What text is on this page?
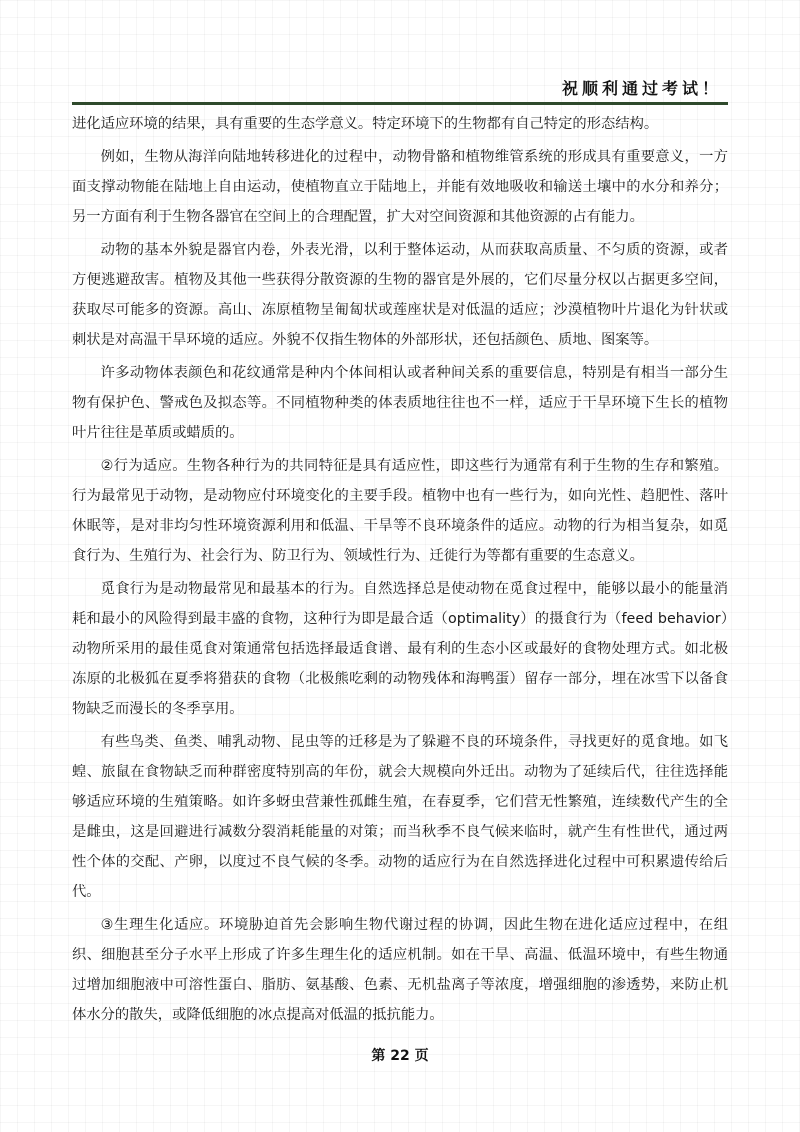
祝顺利通过考试！

进化适应环境的结果，具有重要的生态学意义。特定环境下的生物都有自己特定的形态结构。

例如，生物从海洋向陆地转移进化的过程中，动物骨骼和植物维管系统的形成具有重要意义，一方面支撑动物能在陆地上自由运动，使植物直立于陆地上，并能有效地吸收和输送土壤中的水分和养分；另一方面有利于生物各器官在空间上的合理配置，扩大对空间资源和其他资源的占有能力。

动物的基本外貌是器官内卷，外表光滑，以利于整体运动，从而获取高质量、不匀质的资源，或者方便逃避敌害。植物及其他一些获得分散资源的生物的器官是外展的，它们尽量分权以占据更多空间，获取尽可能多的资源。高山、冻原植物呈匍匐状或莲座状是对低温的适应；沙漠植物叶片退化为针状或刺状是对高温干旱环境的适应。外貌不仅指生物体的外部形状，还包括颜色、质地、图案等。

许多动物体表颜色和花纹通常是种内个体间相认或者种间关系的重要信息，特别是有相当一部分生物有保护色、警戒色及拟态等。不同植物种类的体表质地往往也不一样，适应于干旱环境下生长的植物叶片往往是革质或蜡质的。

②行为适应。生物各种行为的共同特征是具有适应性，即这些行为通常有利于生物的生存和繁殖。行为最常见于动物，是动物应付环境变化的主要手段。植物中也有一些行为，如向光性、趋肥性、落叶休眠等，是对非均匀性环境资源利用和低温、干旱等不良环境条件的适应。动物的行为相当复杂，如觅食行为、生殖行为、社会行为、防卫行为、领域性行为、迁徙行为等都有重要的生态意义。

觅食行为是动物最常见和最基本的行为。自然选择总是使动物在觅食过程中，能够以最小的能量消耗和最小的风险得到最丰盛的食物，这种行为即是最合适（optimality）的摄食行为（feed behavior）动物所采用的最佳觅食对策通常包括选择最适食谱、最有利的生态小区或最好的食物处理方式。如北极冻原的北极狐在夏季将猎获的食物（北极熊吃剩的动物残体和海鸭蛋）留存一部分，埋在冰雪下以备食物缺乏而漫长的冬季享用。

有些鸟类、鱼类、哺乳动物、昆虫等的迁移是为了躲避不良的环境条件，寻找更好的觅食地。如飞蝗、旅鼠在食物缺乏而种群密度特别高的年份，就会大规模向外迁出。动物为了延续后代，往往选择能够适应环境的生殖策略。如许多蚜虫营兼性孤雌生殖，在春夏季，它们营无性繁殖，连续数代产生的全是雌虫，这是回避进行减数分裂消耗能量的对策；而当秋季不良气候来临时，就产生有性世代，通过两性个体的交配、产卵，以度过不良气候的冬季。动物的适应行为在自然选择进化过程中可积累遗传给后代。

③生理生化适应。环境胁迫首先会影响生物代谢过程的协调，因此生物在进化适应过程中，在组织、细胞甚至分子水平上形成了许多生理生化的适应机制。如在干旱、高温、低温环境中，有些生物通过增加细胞液中可溶性蛋白、脂肪、氨基酸、色素、无机盐离子等浓度，增强细胞的渗透势，来防止机体水分的散失，或降低细胞的冰点提高对低温的抵抗能力。

第 22 页
